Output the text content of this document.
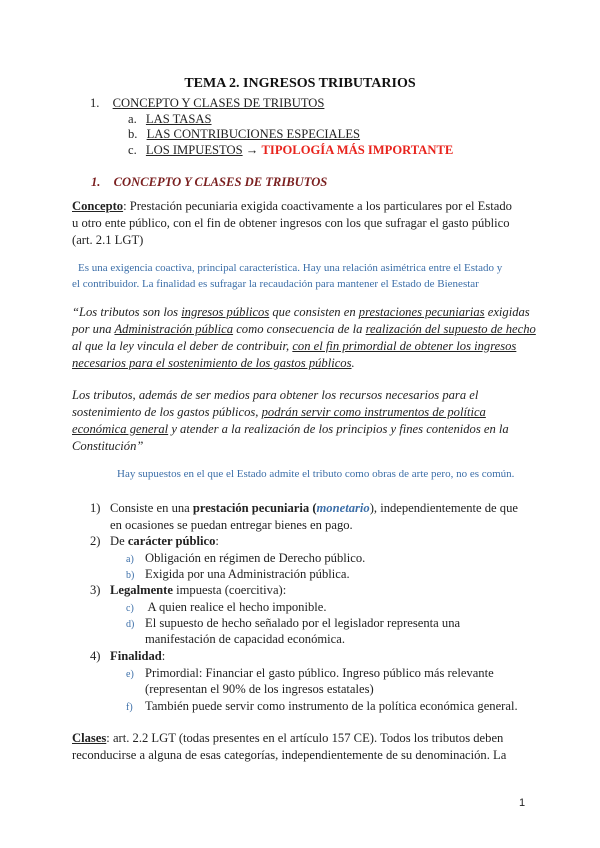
TEMA 2. INGRESOS TRIBUTARIOS
1. CONCEPTO Y CLASES DE TRIBUTOS
a. LAS TASAS
b. LAS CONTRIBUCIONES ESPECIALES
c. LOS IMPUESTOS → TIPOLOGÍA MÁS IMPORTANTE
1. CONCEPTO Y CLASES DE TRIBUTOS
Concepto: Prestación pecuniaria exigida coactivamente a los particulares por el Estado
u otro ente público, con el fin de obtener ingresos con los que sufragar el gasto público
(art. 2.1 LGT)
Es una exigencia coactiva, principal característica. Hay una relación asimétrica entre el Estado y
el contribuidor. La finalidad es sufragar la recaudación para mantener el Estado de Bienestar
“Los tributos son los ingresos públicos que consisten en prestaciones pecuniarias exigidas
por una Administración pública como consecuencia de la realización del supuesto de hecho
al que la ley vincula el deber de contribuir, con el fin primordial de obtener los ingresos
necesarios para el sostenimiento de los gastos públicos.
Los tributos, además de ser medios para obtener los recursos necesarios para el
sostenimiento de los gastos públicos, podrán servir como instrumentos de política
económica general y atender a la realización de los principios y fines contenidos en la
Constitución”
Hay supuestos en el que el Estado admite el tributo como obras de arte pero, no es común.
1) Consiste en una prestación pecuniaria (monetario), independientemente de que
en ocasiones se puedan entregar bienes en pago.
2) De carácter público:
a) Obligación en régimen de Derecho público.
b) Exigida por una Administración pública.
3) Legalmente impuesta (coercitiva):
c) A quien realice el hecho imponible.
d) El supuesto de hecho señalado por el legislador representa una
manifestación de capacidad económica.
4) Finalidad:
e) Primordial: Financiar el gasto público. Ingreso público más relevante
(representan el 90% de los ingresos estatales)
f) También puede servir como instrumento de la política económica general.
Clases: art. 2.2 LGT (todas presentes en el artículo 157 CE). Todos los tributos deben
reconducirse a alguna de esas categorías, independientemente de su denominación. La
1
